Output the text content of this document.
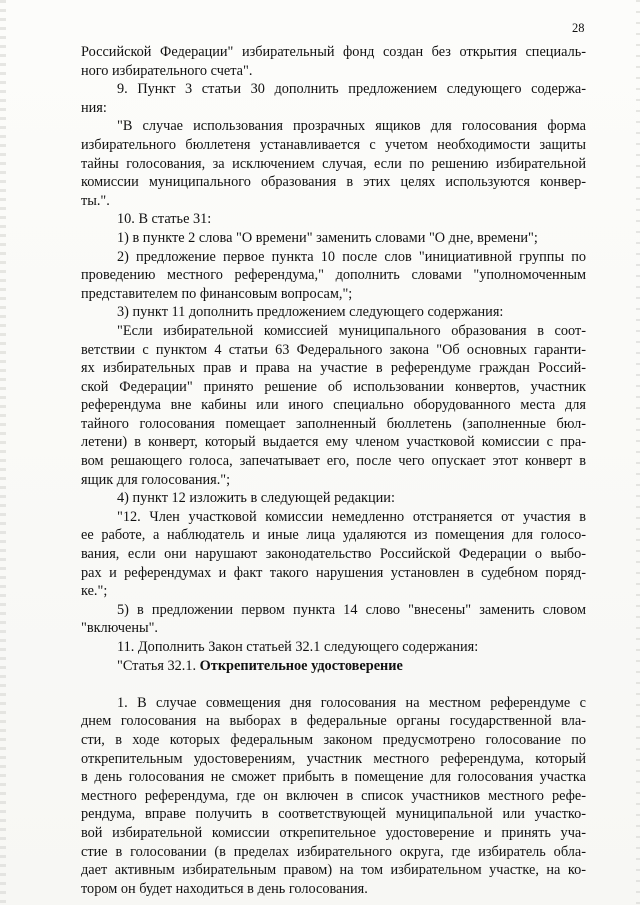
28
Российской Федерации" избирательный фонд создан без открытия специаль-
ного избирательного счета".
9. Пункт 3 статьи 30 дополнить предложением следующего содержа-
ния:
"В случае использования прозрачных ящиков для голосования форма
избирательного бюллетеня устанавливается с учетом необходимости защиты
тайны голосования, за исключением случая, если по решению избирательной
комиссии муниципального образования в этих целях используются конвер-
ты.".
10. В статье 31:
1) в пункте 2 слова "О времени" заменить словами "О дне, времени";
2) предложение первое пункта 10 после слов "инициативной группы по
проведению местного референдума," дополнить словами "уполномоченным
представителем по финансовым вопросам,";
3) пункт 11 дополнить предложением следующего содержания:
"Если избирательной комиссией муниципального образования в соот-
ветствии с пунктом 4 статьи 63 Федерального закона "Об основных гаранти-
ях избирательных прав и права на участие в референдуме граждан Россий-
ской Федерации" принято решение об использовании конвертов, участник
референдума вне кабины или иного специально оборудованного места для
тайного голосования помещает заполненный бюллетень (заполненные бюл-
летени) в конверт, который выдается ему членом участковой комиссии с пра-
вом решающего голоса, запечатывает его, после чего опускает этот конверт в
ящик для голосования.";
4) пункт 12 изложить в следующей редакции:
"12. Член участковой комиссии немедленно отстраняется от участия в
ее работе, а наблюдатель и иные лица удаляются из помещения для голосо-
вания, если они нарушают законодательство Российской Федерации о выбо-
рах и референдумах и факт такого нарушения установлен в судебном поряд-
ке.";
5) в предложении первом пункта 14 слово "внесены" заменить словом
"включены".
11. Дополнить Закон статьей 32.1 следующего содержания:
"Статья 32.1. Открепительное удостоверение
1. В случае совмещения дня голосования на местном референдуме с
днем голосования на выборах в федеральные органы государственной вла-
сти, в ходе которых федеральным законом предусмотрено голосование по
открепительным удостоверениям, участник местного референдума, который
в день голосования не сможет прибыть в помещение для голосования участка
местного референдума, где он включен в список участников местного рефе-
рендума, вправе получить в соответствующей муниципальной или участко-
вой избирательной комиссии открепительное удостоверение и принять уча-
стие в голосовании (в пределах избирательного округа, где избиратель обла-
дает активным избирательным правом) на том избирательном участке, на ко-
тором он будет находиться в день голосования.
